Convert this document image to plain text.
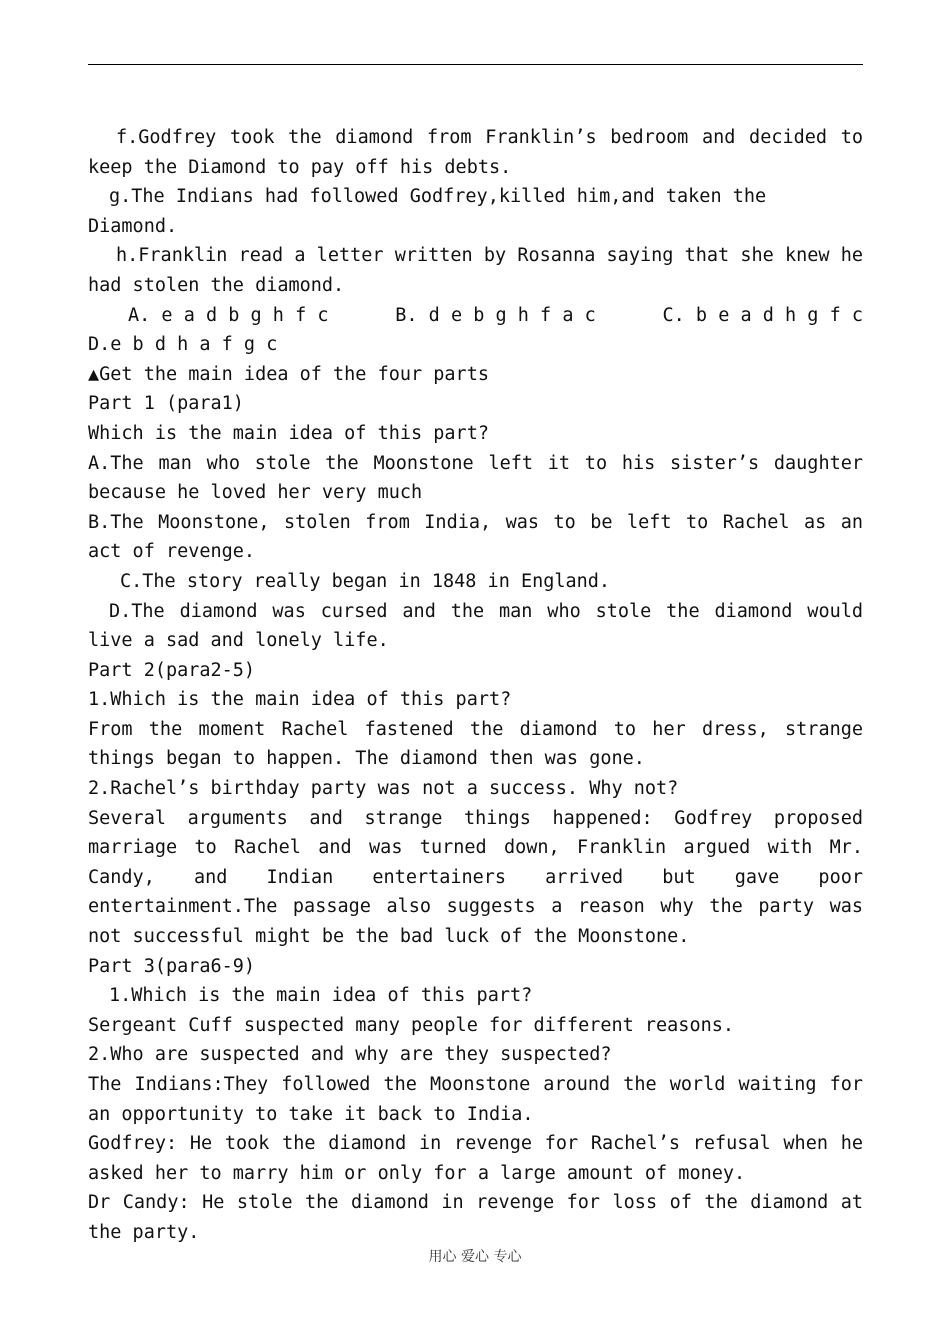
f.Godfrey took the diamond from Franklin’s bedroom and decided to keep the Diamond to pay off his debts.
g.The Indians had followed Godfrey,killed him,and taken the Diamond.
h.Franklin read a letter written by Rosanna saying that she knew he had stolen the diamond.
A. e a d b g h f c	B. d e b g h f a c	C. b e a d h g f c
D.e b d h a f g c
▲Get the main idea of the four parts
Part 1 (para1)
Which is the main idea of this part?
A.The man who stole the Moonstone left it to his sister’s daughter because he loved her very much
B.The Moonstone, stolen from India, was to be left to Rachel as an act of revenge.
C.The story really began in 1848 in England.
D.The diamond was cursed and the man who stole the diamond would live a sad and lonely life.
Part 2(para2-5)
1.Which is the main idea of this part?
From the moment Rachel fastened the diamond to her dress, strange things began to happen. The diamond then was gone.
2.Rachel’s birthday party was not a success. Why not?
Several arguments and strange things happened: Godfrey proposed marriage to Rachel and was turned down, Franklin argued with Mr. Candy, and Indian entertainers arrived but gave poor entertainment.The passage also suggests a reason why the party was not successful might be the bad luck of the Moonstone.
Part 3(para6-9)
1.Which is the main idea of this part?
Sergeant Cuff suspected many people for different reasons.
2.Who are suspected and why are they suspected?
The Indians:They followed the Moonstone around the world waiting for an opportunity to take it back to India.
Godfrey: He took the diamond in revenge for Rachel’s refusal when he asked her to marry him or only for a large amount of money.
Dr Candy: He stole the diamond in revenge for loss of the diamond at the party.
用心 爱心 专心
